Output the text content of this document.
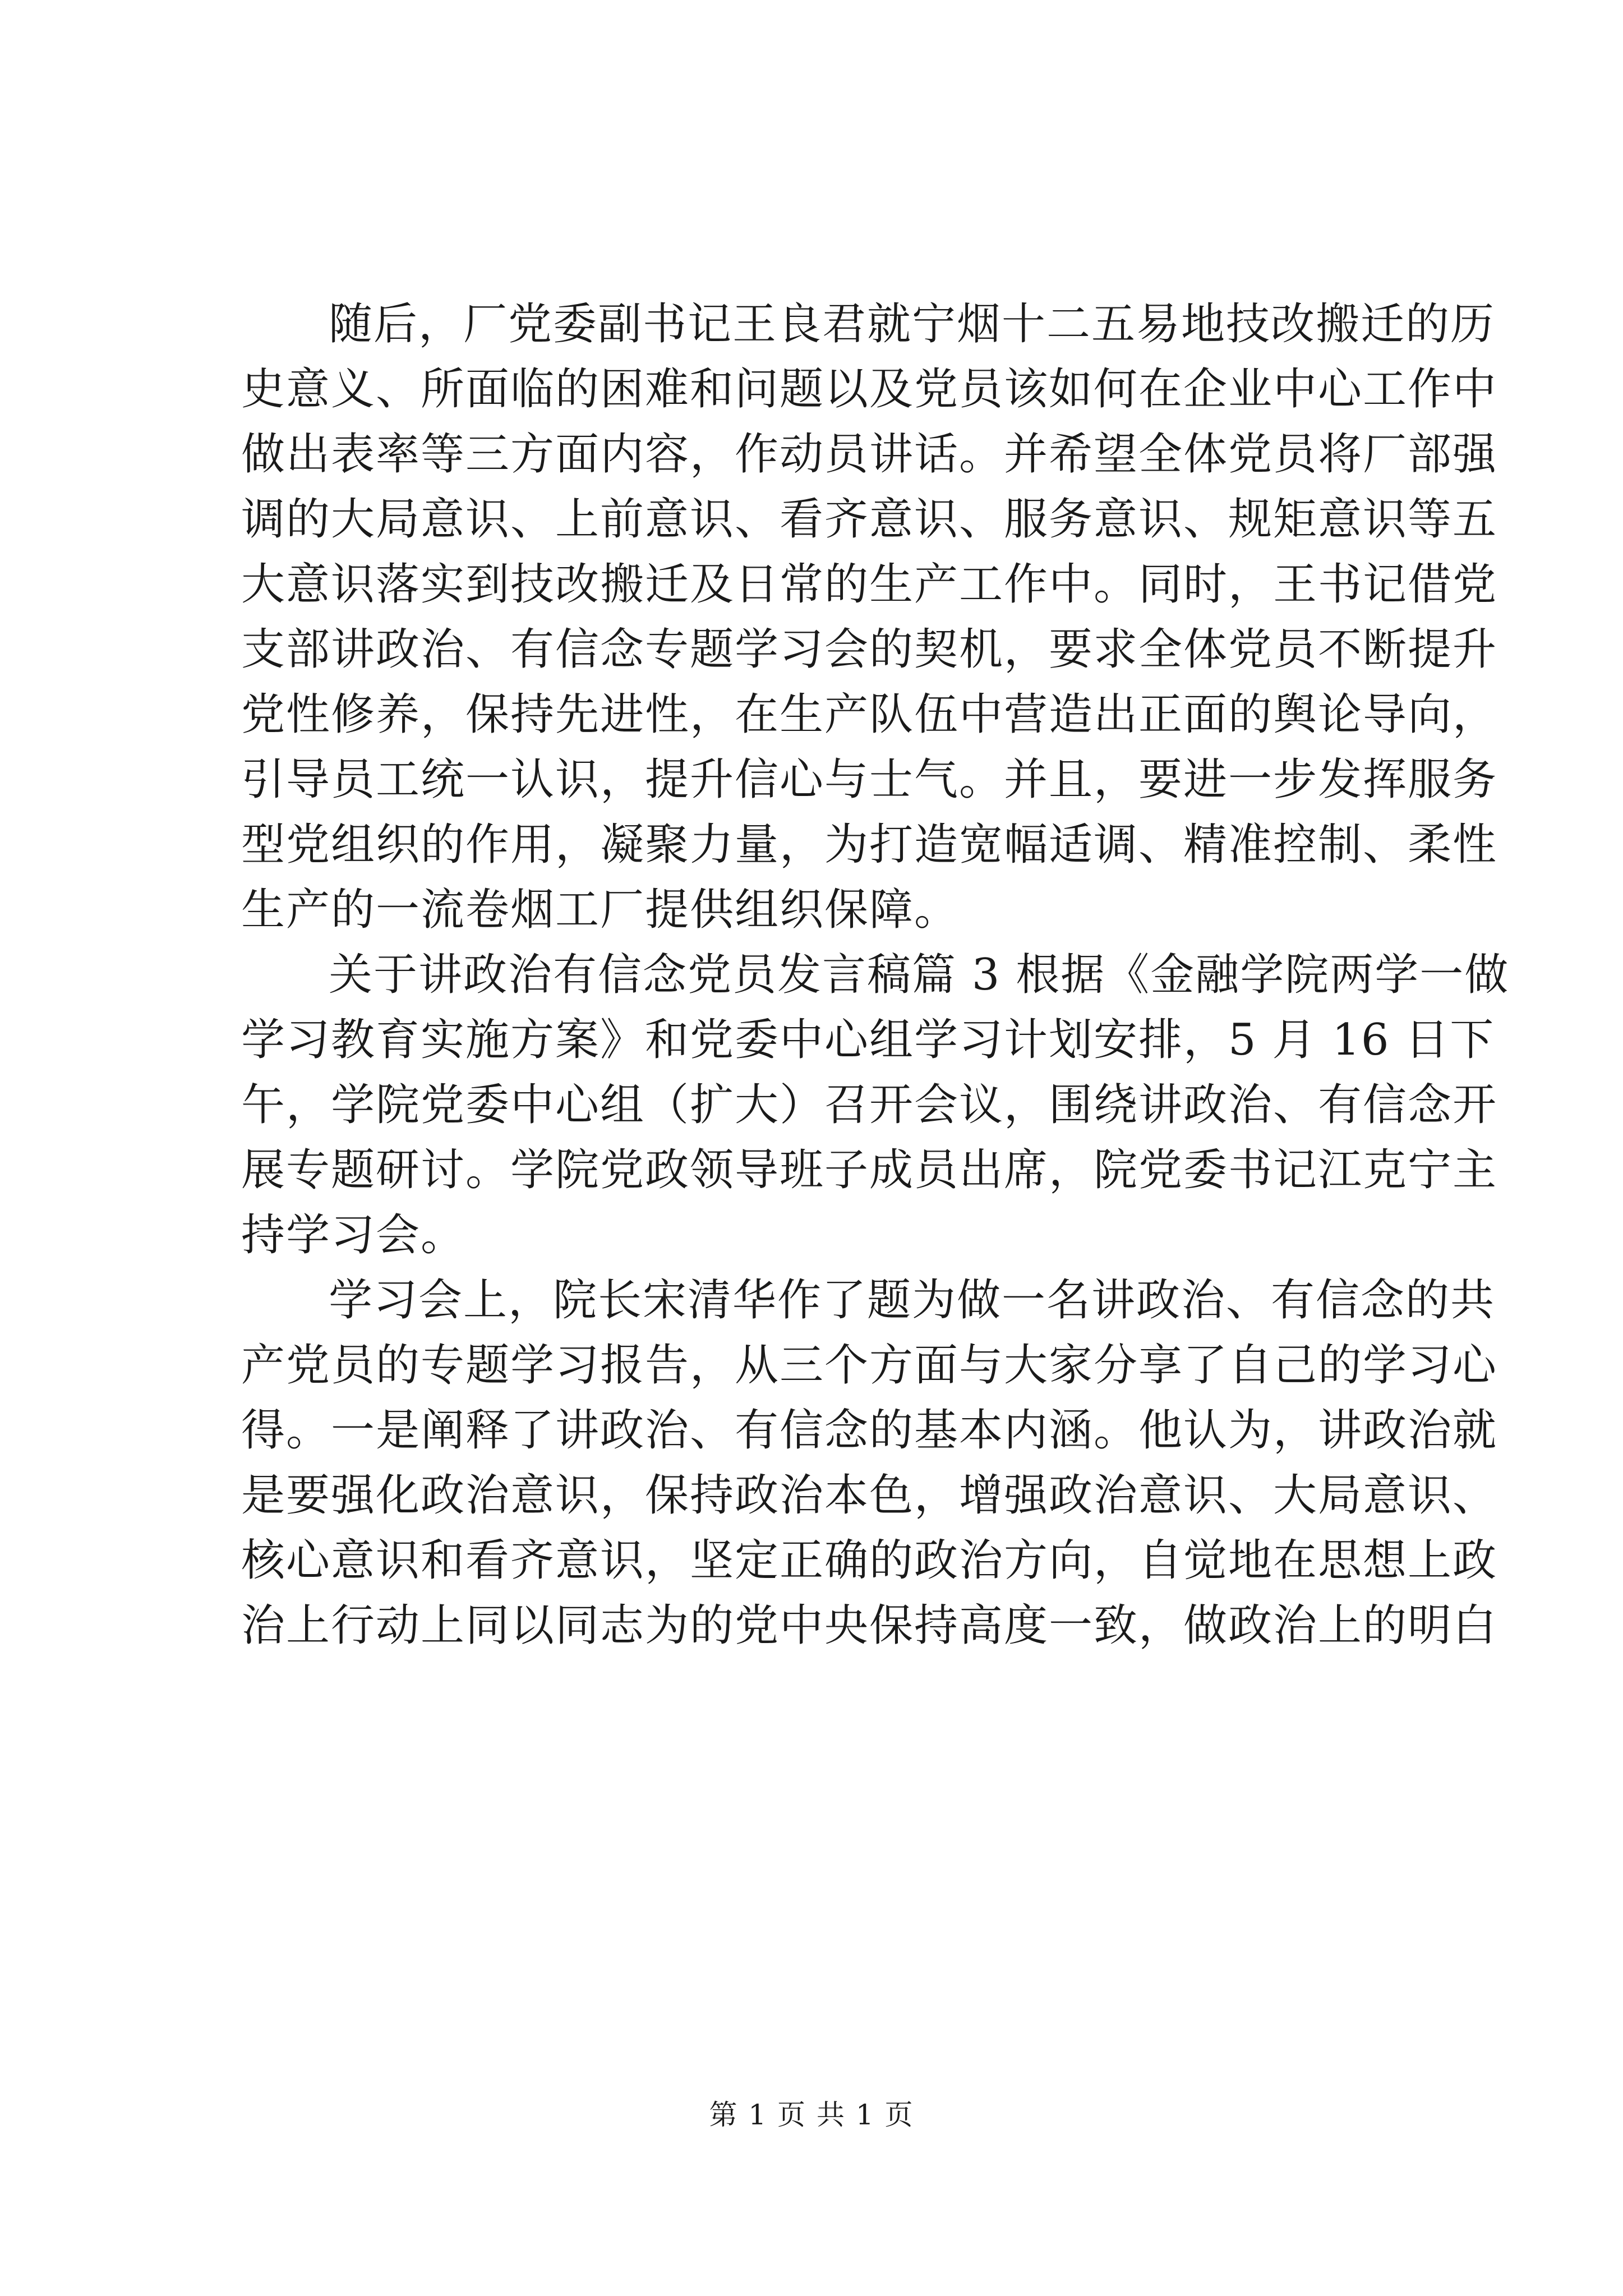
随后，厂党委副书记王良君就宁烟十二五易地技改搬迁的历
史意义、所面临的困难和问题以及党员该如何在企业中心工作中
做出表率等三方面内容，作动员讲话。并希望全体党员将厂部强
调的大局意识、上前意识、看齐意识、服务意识、规矩意识等五
大意识落实到技改搬迁及日常的生产工作中。同时，王书记借党
支部讲政治、有信念专题学习会的契机，要求全体党员不断提升
党性修养，保持先进性，在生产队伍中营造出正面的舆论导向，
引导员工统一认识，提升信心与士气。并且，要进一步发挥服务
型党组织的作用，凝聚力量，为打造宽幅适调、精准控制、柔性
生产的一流卷烟工厂提供组织保障。
关于讲政治有信念党员发言稿篇 3 根据《金融学院两学一做
学习教育实施方案》和党委中心组学习计划安排，5 月 16 日下
午，学院党委中心组（扩大）召开会议，围绕讲政治、有信念开
展专题研讨。学院党政领导班子成员出席，院党委书记江克宁主
持学习会。
学习会上，院长宋清华作了题为做一名讲政治、有信念的共
产党员的专题学习报告，从三个方面与大家分享了自己的学习心
得。一是阐释了讲政治、有信念的基本内涵。他认为，讲政治就
是要强化政治意识，保持政治本色，增强政治意识、大局意识、
核心意识和看齐意识，坚定正确的政治方向，自觉地在思想上政
治上行动上同以同志为的党中央保持高度一致，做政治上的明白
第 1 页 共 1 页
